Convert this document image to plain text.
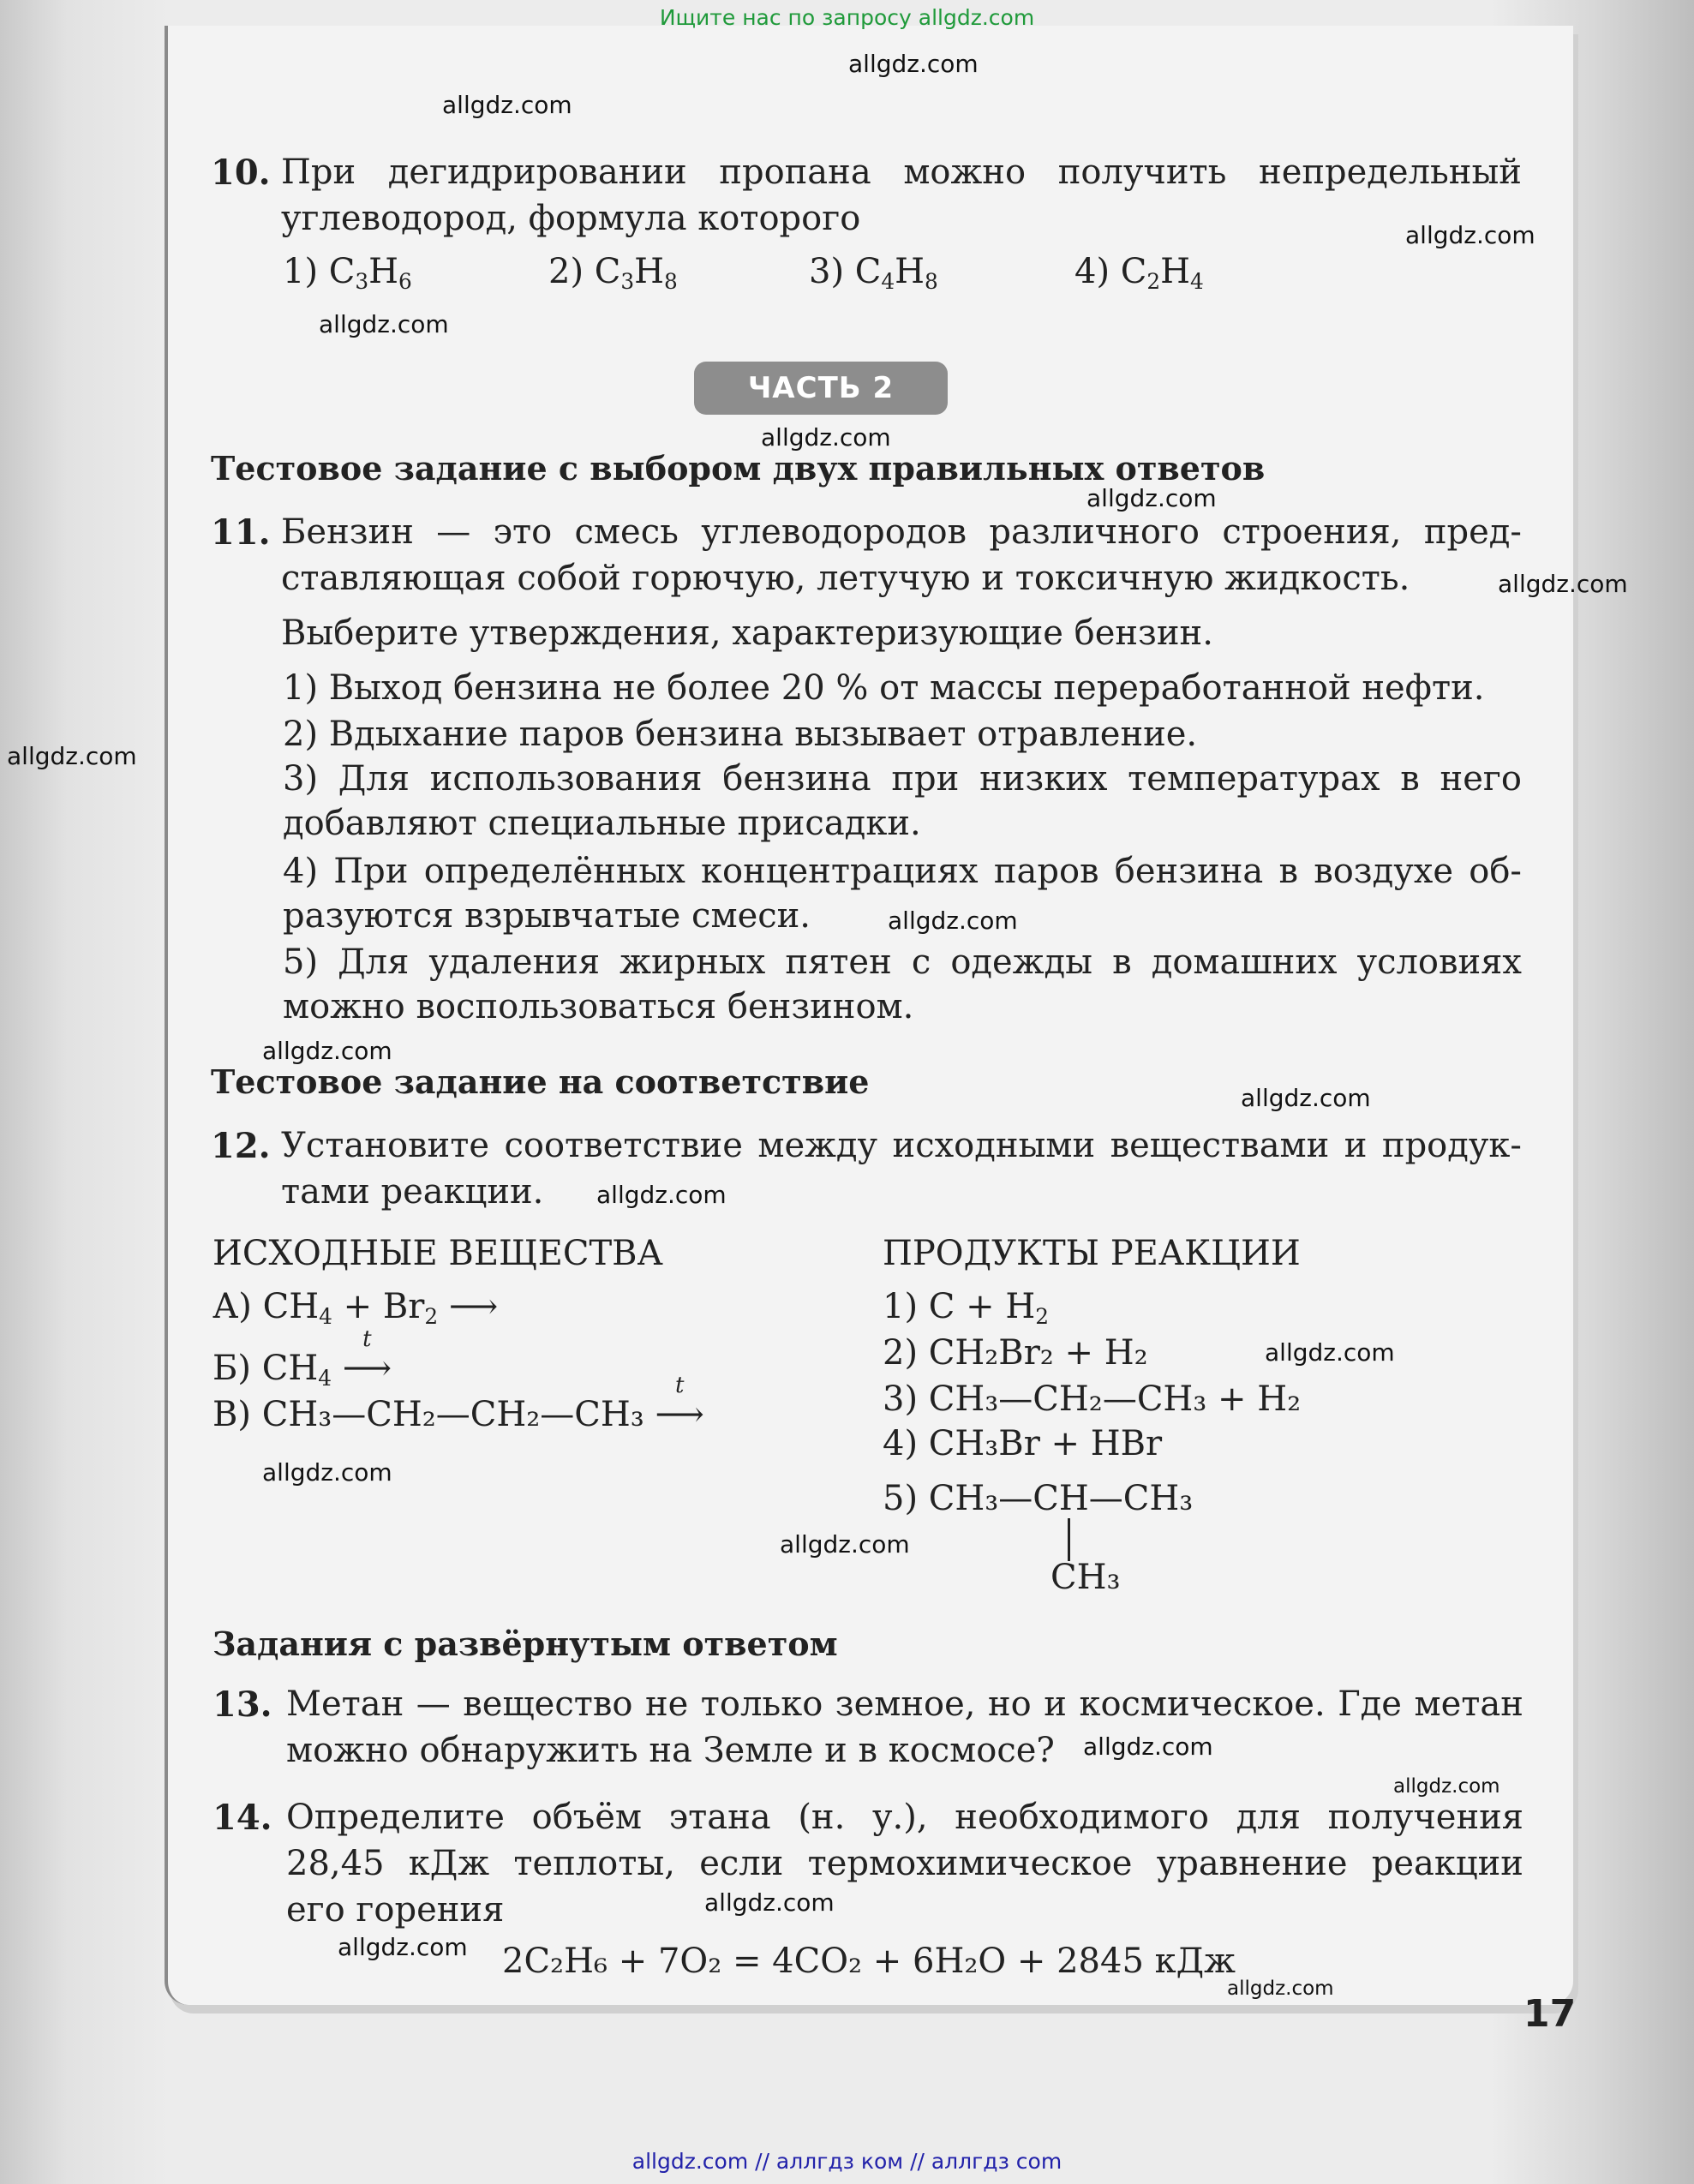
Ищите нас по запросу allgdz.com
allgdz.com
allgdz.com
allgdz.com
allgdz.com
allgdz.com
allgdz.com
allgdz.com
allgdz.com
allgdz.com
allgdz.com
allgdz.com
allgdz.com
allgdz.com
allgdz.com
allgdz.com
allgdz.com
allgdz.com
allgdz.com
allgdz.com
allgdz.com
10. При дегидрировании пропана можно получить непредельный
углеводород, формула которого
1) $C_3H_6$	2) $C_3H_8$	3) $C_4H_8$	4) $C_2H_4$
ЧАСТЬ 2
Тестовое задание с выбором двух правильных ответов
11. Бензин — это смесь углеводородов различного строения, пред-
ставляющая собой горючую, летучую и токсичную жидкость.
Выберите утверждения, характеризующие бензин.
1) Выход бензина не более 20 % от массы переработанной нефти.
2) Вдыхание паров бензина вызывает отравление.
3) Для использования бензина при низких температурах в него
добавляют специальные присадки.
4) При определённых концентрациях паров бензина в воздухе об-
разуются взрывчатые смеси.
5) Для удаления жирных пятен с одежды в домашних условиях
можно воспользоваться бензином.
Тестовое задание на соответствие
12. Установите соответствие между исходными веществами и продук-
тами реакции.
ИСХОДНЫЕ ВЕЩЕСТВА	ПРОДУКТЫ РЕАКЦИИ
А) $CH_4 + Br_2$ ⟶
Б) $CH_4$
t
⟶
В) CH₃—CH₂—CH₂—CH₃
t
⟶
1) $C + H_2$
2) CH₂Br₂ + H₂
3) CH₃—CH₂—CH₃ + H₂
4) CH₃Br + HBr
5) CH₃—CH—CH₃
CH₃
Задания с развёрнутым ответом
13. Метан — вещество не только земное, но и космическое. Где метан
можно обнаружить на Земле и в космосе?
14. Определите объём этана (н. у.), необходимого для получения
28,45 кДж теплоты, если термохимическое уравнение реакции
его горения
2C₂H₆ + 7O₂ = 4CO₂ + 6H₂O + 2845 кДж
17
allgdz.com // аллгдз ком // аллгдз com
